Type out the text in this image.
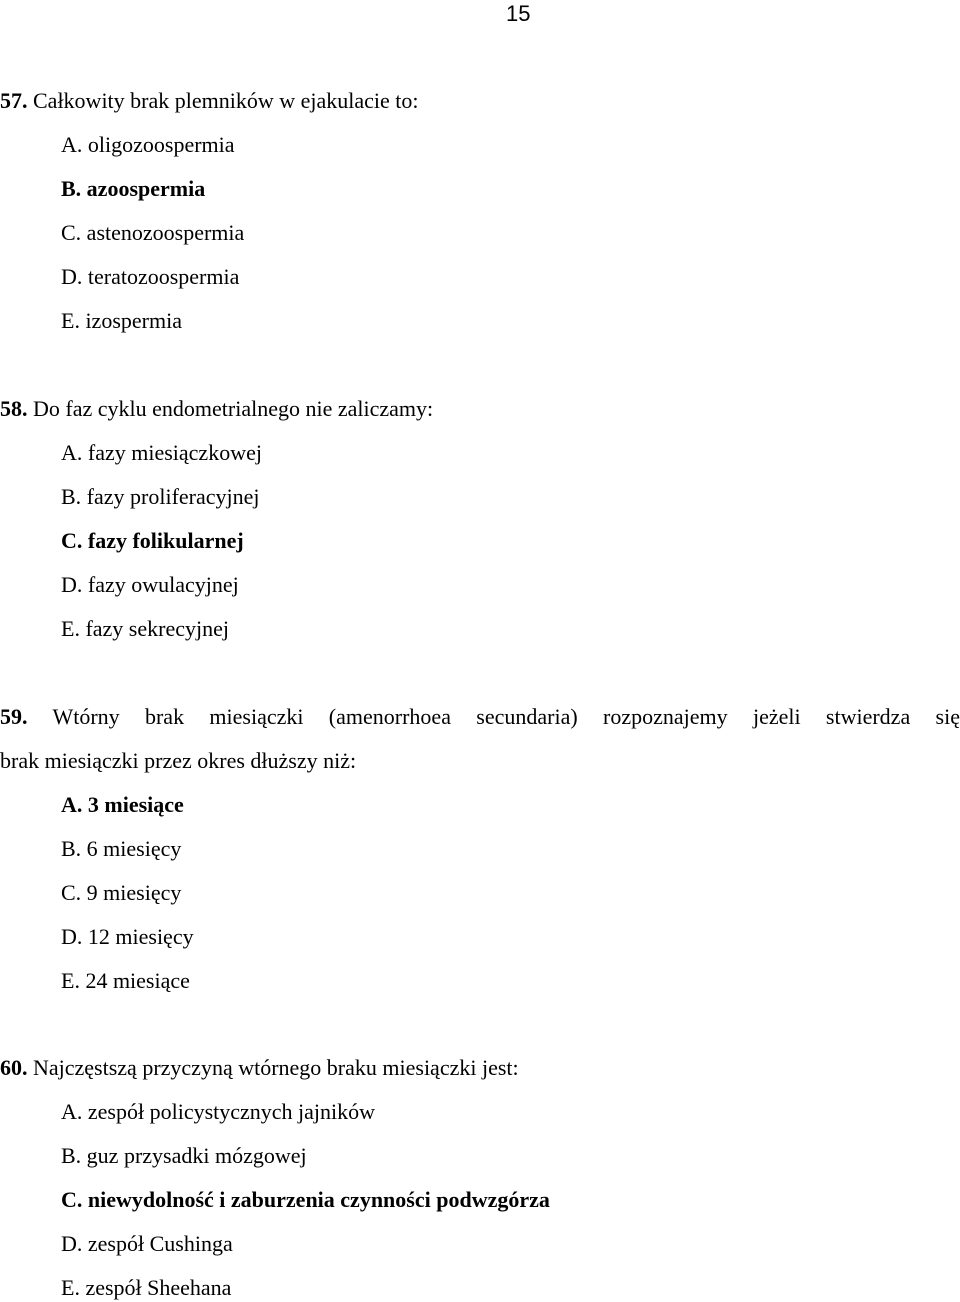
15
57. Całkowity brak plemników w ejakulacie to:
A. oligozoospermia
B. azoospermia
C. astenozoospermia
D. teratozoospermia
E. izospermia
58. Do faz cyklu endometrialnego nie zaliczamy:
A. fazy miesiączkowej
B. fazy proliferacyjnej
C. fazy folikularnej
D. fazy owulacyjnej
E. fazy sekrecyjnej
59. Wtórny brak miesiączki (amenorrhoea secundaria) rozpoznajemy jeżeli stwierdza się
brak miesiączki przez okres dłuższy niż:
A. 3 miesiące
B. 6 miesięcy
C. 9 miesięcy
D. 12 miesięcy
E. 24 miesiące
60. Najczęstszą przyczyną wtórnego braku miesiączki jest:
A. zespół policystycznych jajników
B. guz przysadki mózgowej
C. niewydolność i zaburzenia czynności podwzgórza
D. zespół Cushinga
E. zespół Sheehana
